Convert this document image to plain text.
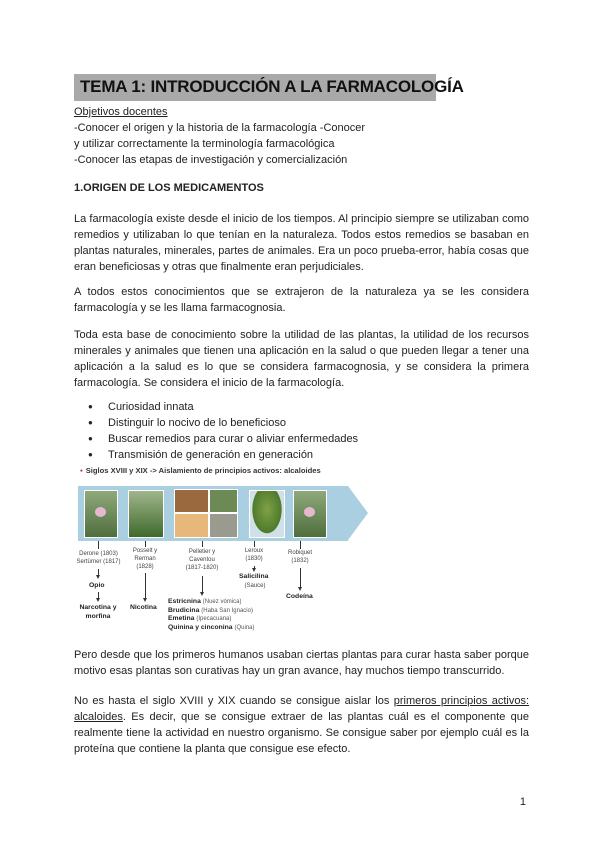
TEMA 1: INTRODUCCIÓN A LA FARMACOLOGÍA
Objetivos docentes
-Conocer el origen y la historia de la farmacología -Conocer
y utilizar correctamente la terminología farmacológica
-Conocer las etapas de investigación y comercialización
1.ORIGEN DE LOS MEDICAMENTOS

La farmacología existe desde el inicio de los tiempos. Al principio siempre se utilizaban como remedios y utilizaban lo que tenían en la naturaleza. Todos estos remedios se basaban en plantas naturales, minerales, partes de animales. Era un poco prueba-error, había cosas que eran beneficiosas y otras que finalmente eran perjudiciales.

A todos estos conocimientos que se extrajeron de la naturaleza ya se les considera farmacología y se les llama farmacognosia.

Toda esta base de conocimiento sobre la utilidad de las plantas, la utilidad de los recursos minerales y animales que tienen una aplicación en la salud o que pueden llegar a tener una aplicación a la salud es lo que se considera farmacognosia, y se considera la primera farmacología. Se considera el inicio de la farmacología.

● Curiosidad innata
● Distinguir lo nocivo de lo beneficioso
● Buscar remedios para curar o aliviar enfermedades
● Transmisión de generación en generación
▪ Siglos XVIII y XIX -> Aislamiento de principios activos: alcaloides
Derone (1803) Sertürner (1817)
Posselt y Rerman (1828)
Pelletier y Caventou (1817-1820)
Leroux (1830)
Robiquet (1832)
Opio
Narcotina y morfina
Nicotina
Estricnina (Nuez vómica)
Brudicina (Haba San Ignacio)
Emetina (Ipecacuana)
Quinina y cinconina (Quina)
Salicilina
(Sauce)
Codeína

Pero desde que los primeros humanos usaban ciertas plantas para curar hasta saber porque motivo esas plantas son curativas hay un gran avance, hay muchos tiempo transcurrido.

No es hasta el siglo XVIII y XIX cuando se consigue aislar los primeros principios activos: alcaloides. Es decir, que se consigue extraer de las plantas cuál es el componente que realmente tiene la actividad en nuestro organismo. Se consigue saber por ejemplo cuál es la proteína que contiene la planta que consigue ese efecto.

1
